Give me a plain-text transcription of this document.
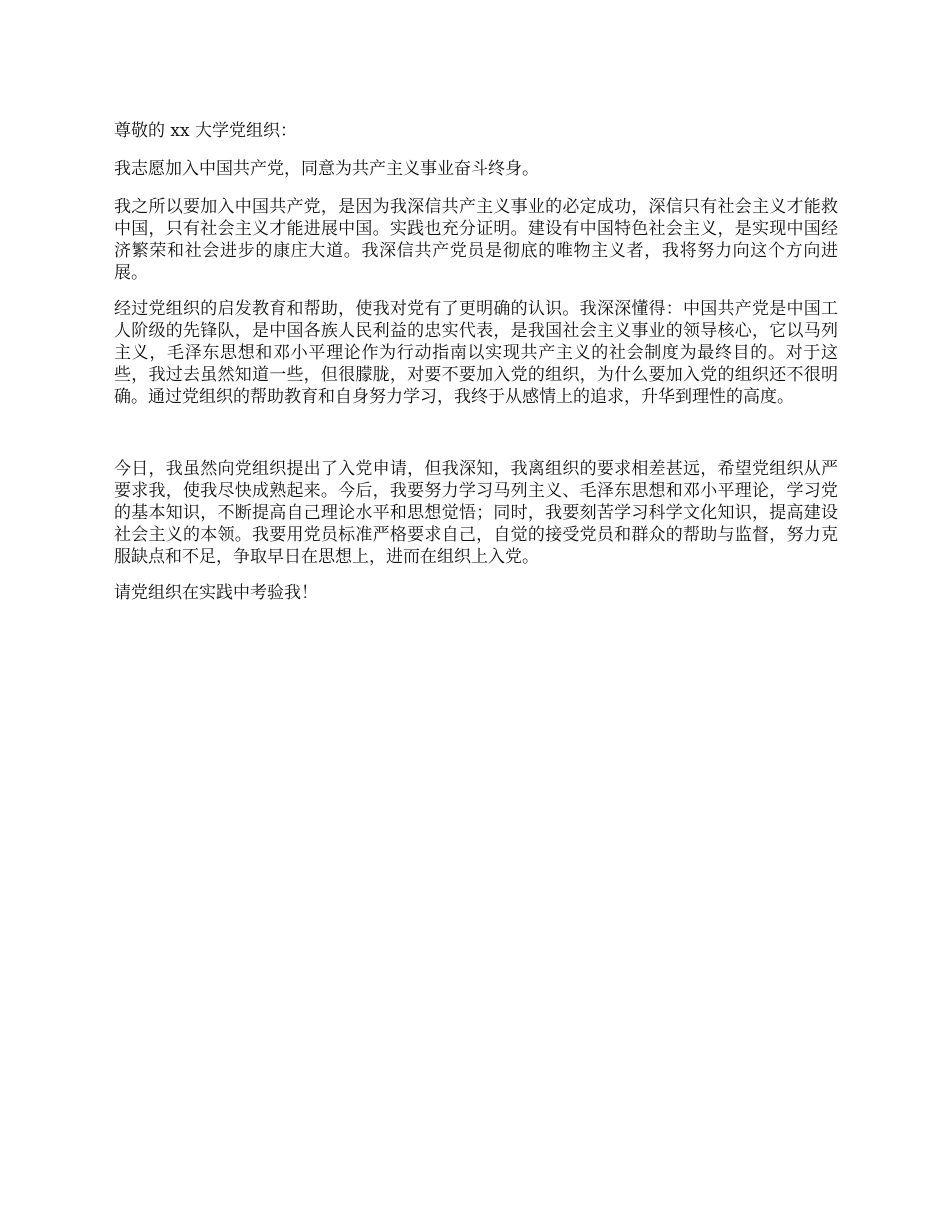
尊敬的 xx 大学党组织：

我志愿加入中国共产党，同意为共产主义事业奋斗终身。

我之所以要加入中国共产党，是因为我深信共产主义事业的必定成功，深信只有社会主义才能救中国，只有社会主义才能进展中国。实践也充分证明。建设有中国特色社会主义，是实现中国经济繁荣和社会进步的康庄大道。我深信共产党员是彻底的唯物主义者，我将努力向这个方向进展。

经过党组织的启发教育和帮助，使我对党有了更明确的认识。我深深懂得：中国共产党是中国工人阶级的先锋队，是中国各族人民利益的忠实代表，是我国社会主义事业的领导核心，它以马列主义，毛泽东思想和邓小平理论作为行动指南以实现共产主义的社会制度为最终目的。对于这些，我过去虽然知道一些，但很朦胧，对要不要加入党的组织，为什么要加入党的组织还不很明确。通过党组织的帮助教育和自身努力学习，我终于从感情上的追求，升华到理性的高度。

今日，我虽然向党组织提出了入党申请，但我深知，我离组织的要求相差甚远，希望党组织从严要求我，使我尽快成熟起来。今后，我要努力学习马列主义、毛泽东思想和邓小平理论，学习党的基本知识，不断提高自己理论水平和思想觉悟；同时，我要刻苦学习科学文化知识，提高建设社会主义的本领。我要用党员标准严格要求自己，自觉的接受党员和群众的帮助与监督，努力克服缺点和不足，争取早日在思想上，进而在组织上入党。

请党组织在实践中考验我！
